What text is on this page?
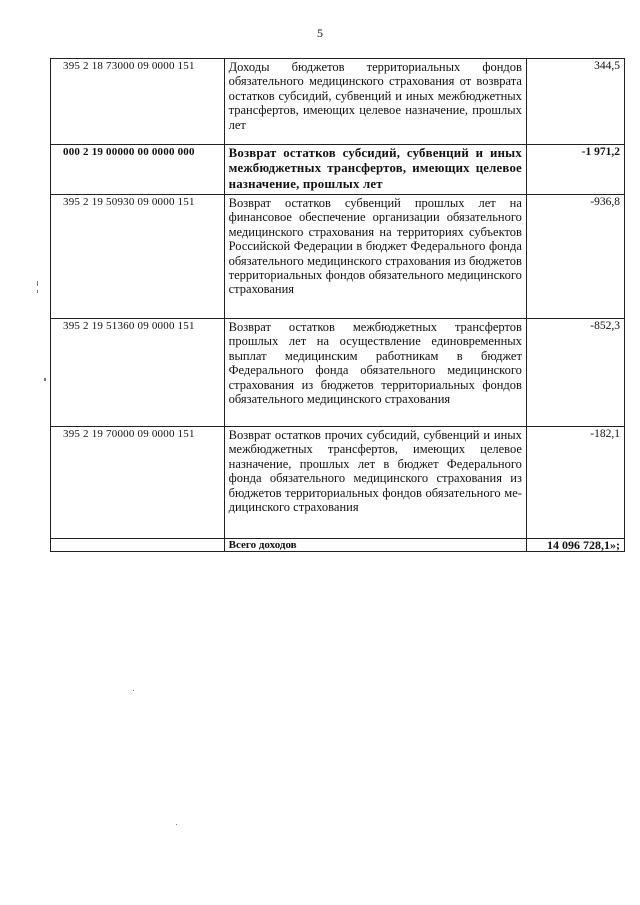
5
395 2 18 73000 09 0000 151	Доходы бюджетов территориальных фондов обязательного медицинского страхования от возврата остатков субсидий, субвенций и иных межбюджетных трансфертов, имеющих целевое назначение, прошлых лет	344,5
000 2 19 00000 00 0000 000	Возврат остатков субсидий, субвенций и иных межбюджетных трансфертов, имеющих целевое назначение, прошлых лет	-1 971,2
395 2 19 50930 09 0000 151	Возврат остатков субвенций прошлых лет на финансовое обеспечение организации обязательного медицинского страхования на территориях субъектов Российской Федерации в бюджет Федерального фонда обязательного медицинского страхования из бюджетов территориальных фондов обязательного медицинского страхования	-936,8
395 2 19 51360 09 0000 151	Возврат остатков межбюджетных трансфертов прошлых лет на осуществление единовременных выплат медицинским работникам в бюджет Федерального фонда обязательного медицинского страхования из бюджетов территориальных фондов обязательного медицинского страхования	-852,3
395 2 19 70000 09 0000 151	Возврат остатков прочих субсидий, субвенций и иных межбюджетных трансфертов, имеющих целевое назначение, прошлых лет в бюджет Федерального фонда обязательного медицинского страхования из бюджетов территориальных фондов обязательного медицинского страхования	-182,1
	Всего доходов	14 096 728,1»;
